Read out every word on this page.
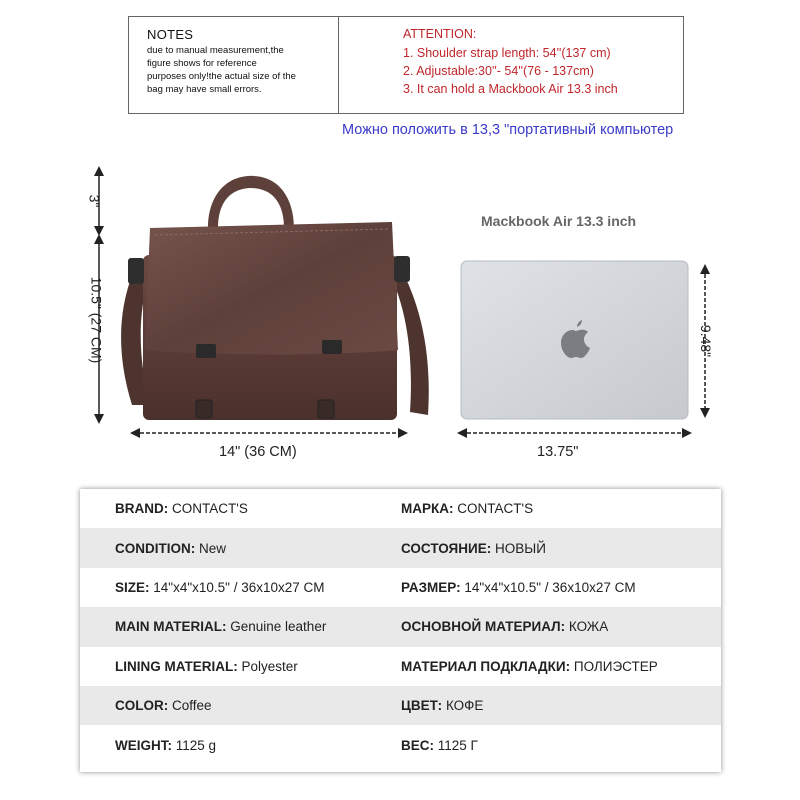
NOTES
due to manual measurement,the
figure shows for reference
purposes only!the actual size of the
bag may have small errors.
ATTENTION:
1. Shoulder strap length: 54''(137 cm)
2. Adjustable:30''- 54''(76 - 137cm)
3. It can hold a Mackbook Air 13.3 inch
Можно положить в 13,3 "портативный компьютер
3"
10.5" (27 CM)
14" (36 CM)
Mackbook Air 13.3 inch
9.48"
13.75"
BRAND: CONTACT'S	МАРКА: CONTACT'S
CONDITION: New	СОСТОЯНИЕ: НОВЫЙ
SIZE: 14"x4"x10.5" / 36x10x27 CM	РАЗМЕР: 14"x4"x10.5" / 36x10x27 CM
MAIN MATERIAL: Genuine leather	ОСНОВНОЙ МАТЕРИАЛ: КОЖА
LINING MATERIAL: Polyester	МАТЕРИАЛ ПОДКЛАДКИ: ПОЛИЭСТЕР
COLOR: Coffee	ЦВЕТ: КОФЕ
WEIGHT: 1125 g	ВЕС: 1125 Г
